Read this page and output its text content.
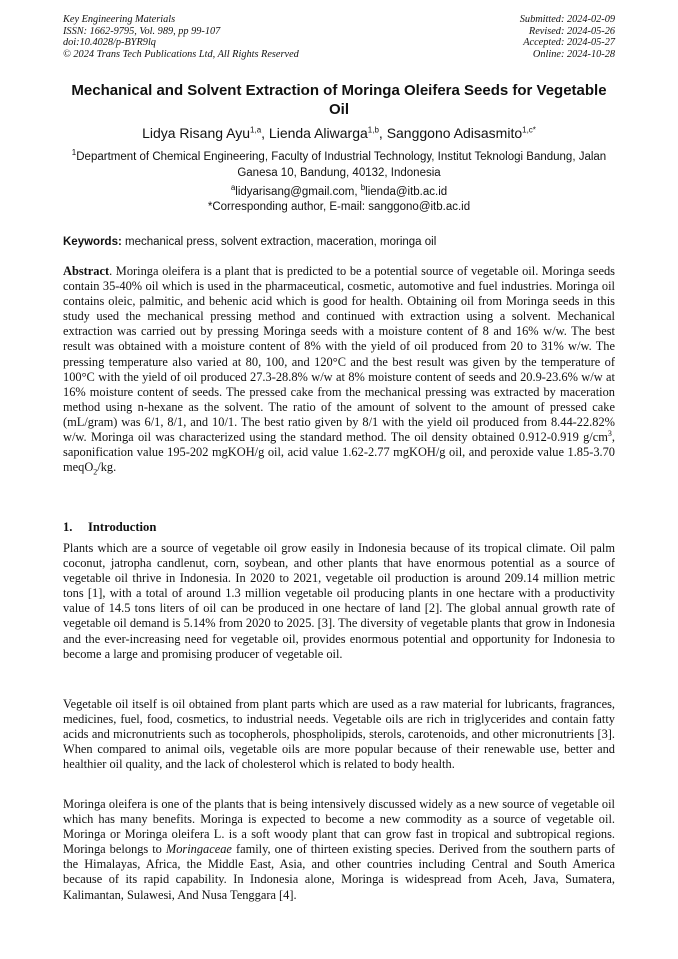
Key Engineering Materials
ISSN: 1662-9795, Vol. 989, pp 99-107
doi:10.4028/p-BYR9lq
© 2024 Trans Tech Publications Ltd, All Rights Reserved
Submitted: 2024-02-09
Revised: 2024-05-26
Accepted: 2024-05-27
Online: 2024-10-28
Mechanical and Solvent Extraction of Moringa Oleifera Seeds for Vegetable Oil
Lidya Risang Ayu$^{1,a}$, Lienda Aliwarga$^{1,b}$, Sanggono Adisasmito$^{1,c*}$
$^1$Department of Chemical Engineering, Faculty of Industrial Technology, Institut Teknologi Bandung, Jalan Ganesa 10, Bandung, 40132, Indonesia
$^a$lidyarisang@gmail.com, $^b$lienda@itb.ac.id
*Corresponding author, E-mail: sanggono@itb.ac.id
Keywords: mechanical press, solvent extraction, maceration, moringa oil

Abstract. Moringa oleifera is a plant that is predicted to be a potential source of vegetable oil. Moringa seeds contain 35-40% oil which is used in the pharmaceutical, cosmetic, automotive and fuel industries. Moringa oil contains oleic, palmitic, and behenic acid which is good for health. Obtaining oil from Moringa seeds in this study used the mechanical pressing method and continued with extraction using a solvent. Mechanical extraction was carried out by pressing Moringa seeds with a moisture content of 8 and 16% w/w. The best result was obtained with a moisture content of 8% with the yield of oil produced from 20 to 31% w/w. The pressing temperature also varied at 80, 100, and 120°C and the best result was given by the temperature of 100°C with the yield of oil produced 27.3-28.8% w/w at 8% moisture content of seeds and 20.9-23.6% w/w at 16% moisture content of seeds. The pressed cake from the mechanical pressing was extracted by maceration method using n-hexane as the solvent. The ratio of the amount of solvent to the amount of pressed cake (mL/gram) was 6/1, 8/1, and 10/1. The best ratio given by 8/1 with the yield oil produced from 8.44-22.82% w/w. Moringa oil was characterized using the standard method. The oil density obtained 0.912-0.919 $g/cm^3$, saponification value 195-202 mgKOH/g oil, acid value 1.62-2.77 mgKOH/g oil, and peroxide value 1.85-3.70 meqO$_2$/kg.

1. Introduction

Plants which are a source of vegetable oil grow easily in Indonesia because of its tropical climate. Oil palm coconut, jatropha candlenut, corn, soybean, and other plants that have enormous potential as a source of vegetable oil thrive in Indonesia. In 2020 to 2021, vegetable oil production is around 209.14 million metric tons [1], with a total of around 1.3 million vegetable oil producing plants in one hectare with a productivity value of 14.5 tons liters of oil can be produced in one hectare of land [2]. The global annual growth rate of vegetable oil demand is 5.14% from 2020 to 2025. [3]. The diversity of vegetable plants that grow in Indonesia and the ever-increasing need for vegetable oil, provides enormous potential and opportunity for Indonesia to become a large and promising producer of vegetable oil.

Vegetable oil itself is oil obtained from plant parts which are used as a raw material for lubricants, fragrances, medicines, fuel, food, cosmetics, to industrial needs. Vegetable oils are rich in triglycerides and contain fatty acids and micronutrients such as tocopherols, phospholipids, sterols, carotenoids, and other micronutrients [3]. When compared to animal oils, vegetable oils are more popular because of their renewable use, better and healthier oil quality, and the lack of cholesterol which is related to body health.

Moringa oleifera is one of the plants that is being intensively discussed widely as a new source of vegetable oil which has many benefits. Moringa is expected to become a new commodity as a source of vegetable oil. Moringa or Moringa oleifera L. is a soft woody plant that can grow fast in tropical and subtropical regions. Moringa belongs to Moringaceae family, one of thirteen existing species. Derived from the southern parts of the Himalayas, Africa, the Middle East, Asia, and other countries including Central and South America because of its rapid capability. In Indonesia alone, Moringa is widespread from Aceh, Java, Sumatera, Kalimantan, Sulawesi, And Nusa Tenggara [4].
